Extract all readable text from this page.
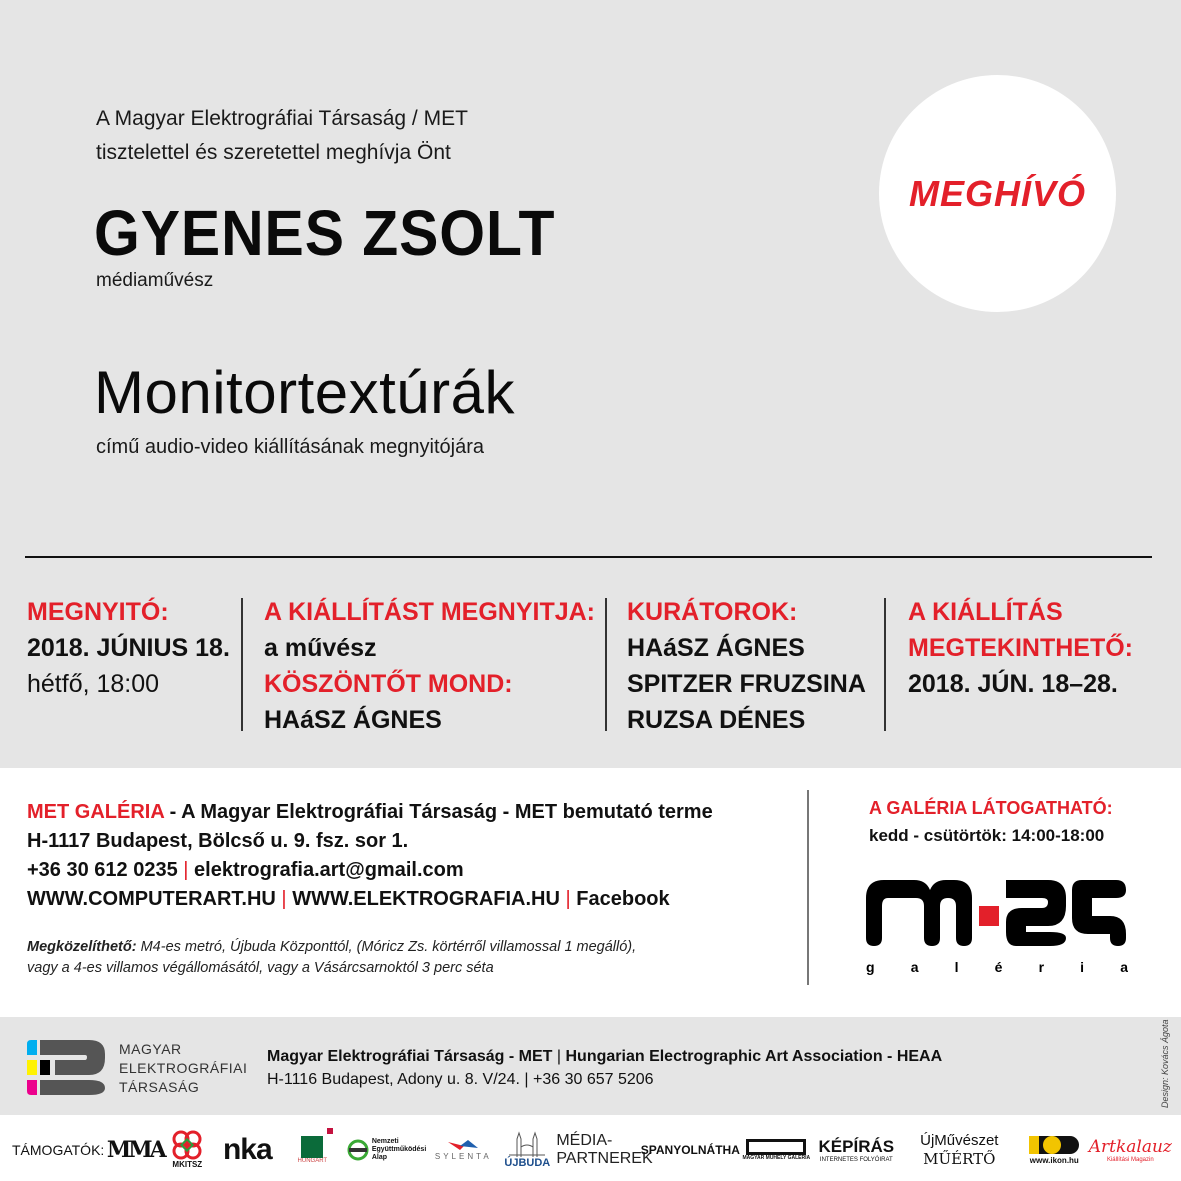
A Magyar Elektrográfiai Társaság / MET
tisztelettel és szeretettel meghívja Önt
GYENES ZSOLT
médiaművész
Monitortextúrák
című audio-video kiállításának megnyitójára
MEGHÍVÓ
MEGNYITÓ:
2018. JÚNIUS 18.
hétfő, 18:00
A KIÁLLÍTÁST MEGNYITJA:
a művész
KÖSZÖNTŐT MOND:
HAáSZ ÁGNES
KURÁTOROK:
HAáSZ ÁGNES
SPITZER FRUZSINA
RUZSA DÉNES
A KIÁLLÍTÁS
MEGTEKINTHETŐ:
2018. JÚN. 18–28.
MET GALÉRIA - A Magyar Elektrográfiai Társaság - MET bemutató terme
H-1117 Budapest, Bölcső u. 9. fsz. sor 1.
+36 30 612 0235 | elektrografia.art@gmail.com
WWW.COMPUTERART.HU | WWW.ELEKTROGRAFIA.HU | Facebook
Megközelíthető: M4-es metró, Újbuda Központtól, (Móricz Zs. körtérről villamossal 1 megálló),
vagy a 4-es villamos végállomásától, vagy a Vásárcsarnoktól 3 perc séta
A GALÉRIA LÁTOGATHATÓ:
kedd - csütörtök: 14:00-18:00
g a l é r i a
MAGYAR
ELEKTROGRÁFIAI
TÁRSASÁG
Magyar Elektrográfiai Társaság - MET | Hungarian Electrographic Art Association - HEAA
H-1116 Budapest, Adony u. 8. V/24. | +36 30 657 5206	Design: Kovács Ágota
TÁMOGATÓK: MMA
MKITSZ nka	HUNGART
Nemzeti Együttműködési Alap	SYLENTA ÚJBUDA
MÉDIA-
PARTNEREK
SPANYOLNÁTHA
MAGYAR MŰHELY GALÉRIA
KÉPÍRÁS
INTERNETES FOLYÓIRAT
ÚjMűvészet
MŰÉRTŐ	www.ikon.hu
Artkalauz
Kiállítási Magazin
